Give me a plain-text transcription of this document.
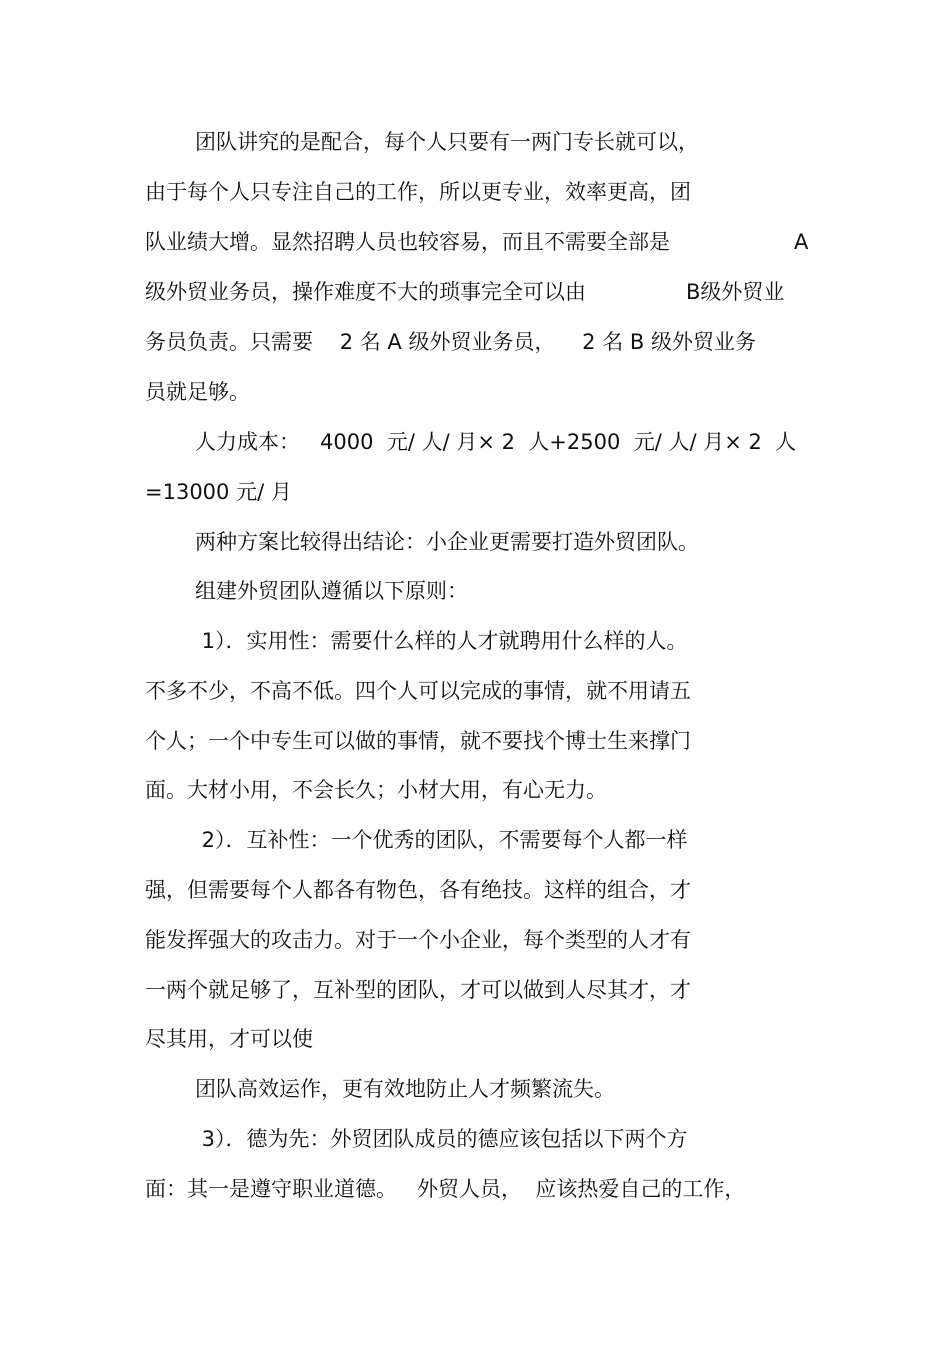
团队讲究的是配合，每个人只要有一两门专长就可以，

由于每个人只专注自己的工作，所以更专业，效率更高，团

队业绩大增。显然招聘人员也较容易，而且不需要全部是	A

级外贸业务员，操作难度不大的琐事完全可以由	B级外贸业

务员负责。只需要    2 名 A 级外贸业务员，    2 名 B 级外贸业务

员就足够。

人力成本：   4000  元/ 人/ 月× 2  人+2500  元/ 人/ 月× 2  人

=13000 元/ 月

两种方案比较得出结论：小企业更需要打造外贸团队。

组建外贸团队遵循以下原则：

1）．实用性：需要什么样的人才就聘用什么样的人。

不多不少，不高不低。四个人可以完成的事情，就不用请五

个人；一个中专生可以做的事情，就不要找个博士生来撑门

面。大材小用，不会长久；小材大用，有心无力。

2）．互补性：一个优秀的团队，不需要每个人都一样

强，但需要每个人都各有物色，各有绝技。这样的组合，才

能发挥强大的攻击力。对于一个小企业，每个类型的人才有

一两个就足够了，互补型的团队，才可以做到人尽其才，才

尽其用，才可以使

团队高效运作，更有效地防止人才频繁流失。

3）．德为先：外贸团队成员的德应该包括以下两个方

面：其一是遵守职业道德。   外贸人员，  应该热爱自己的工作，
